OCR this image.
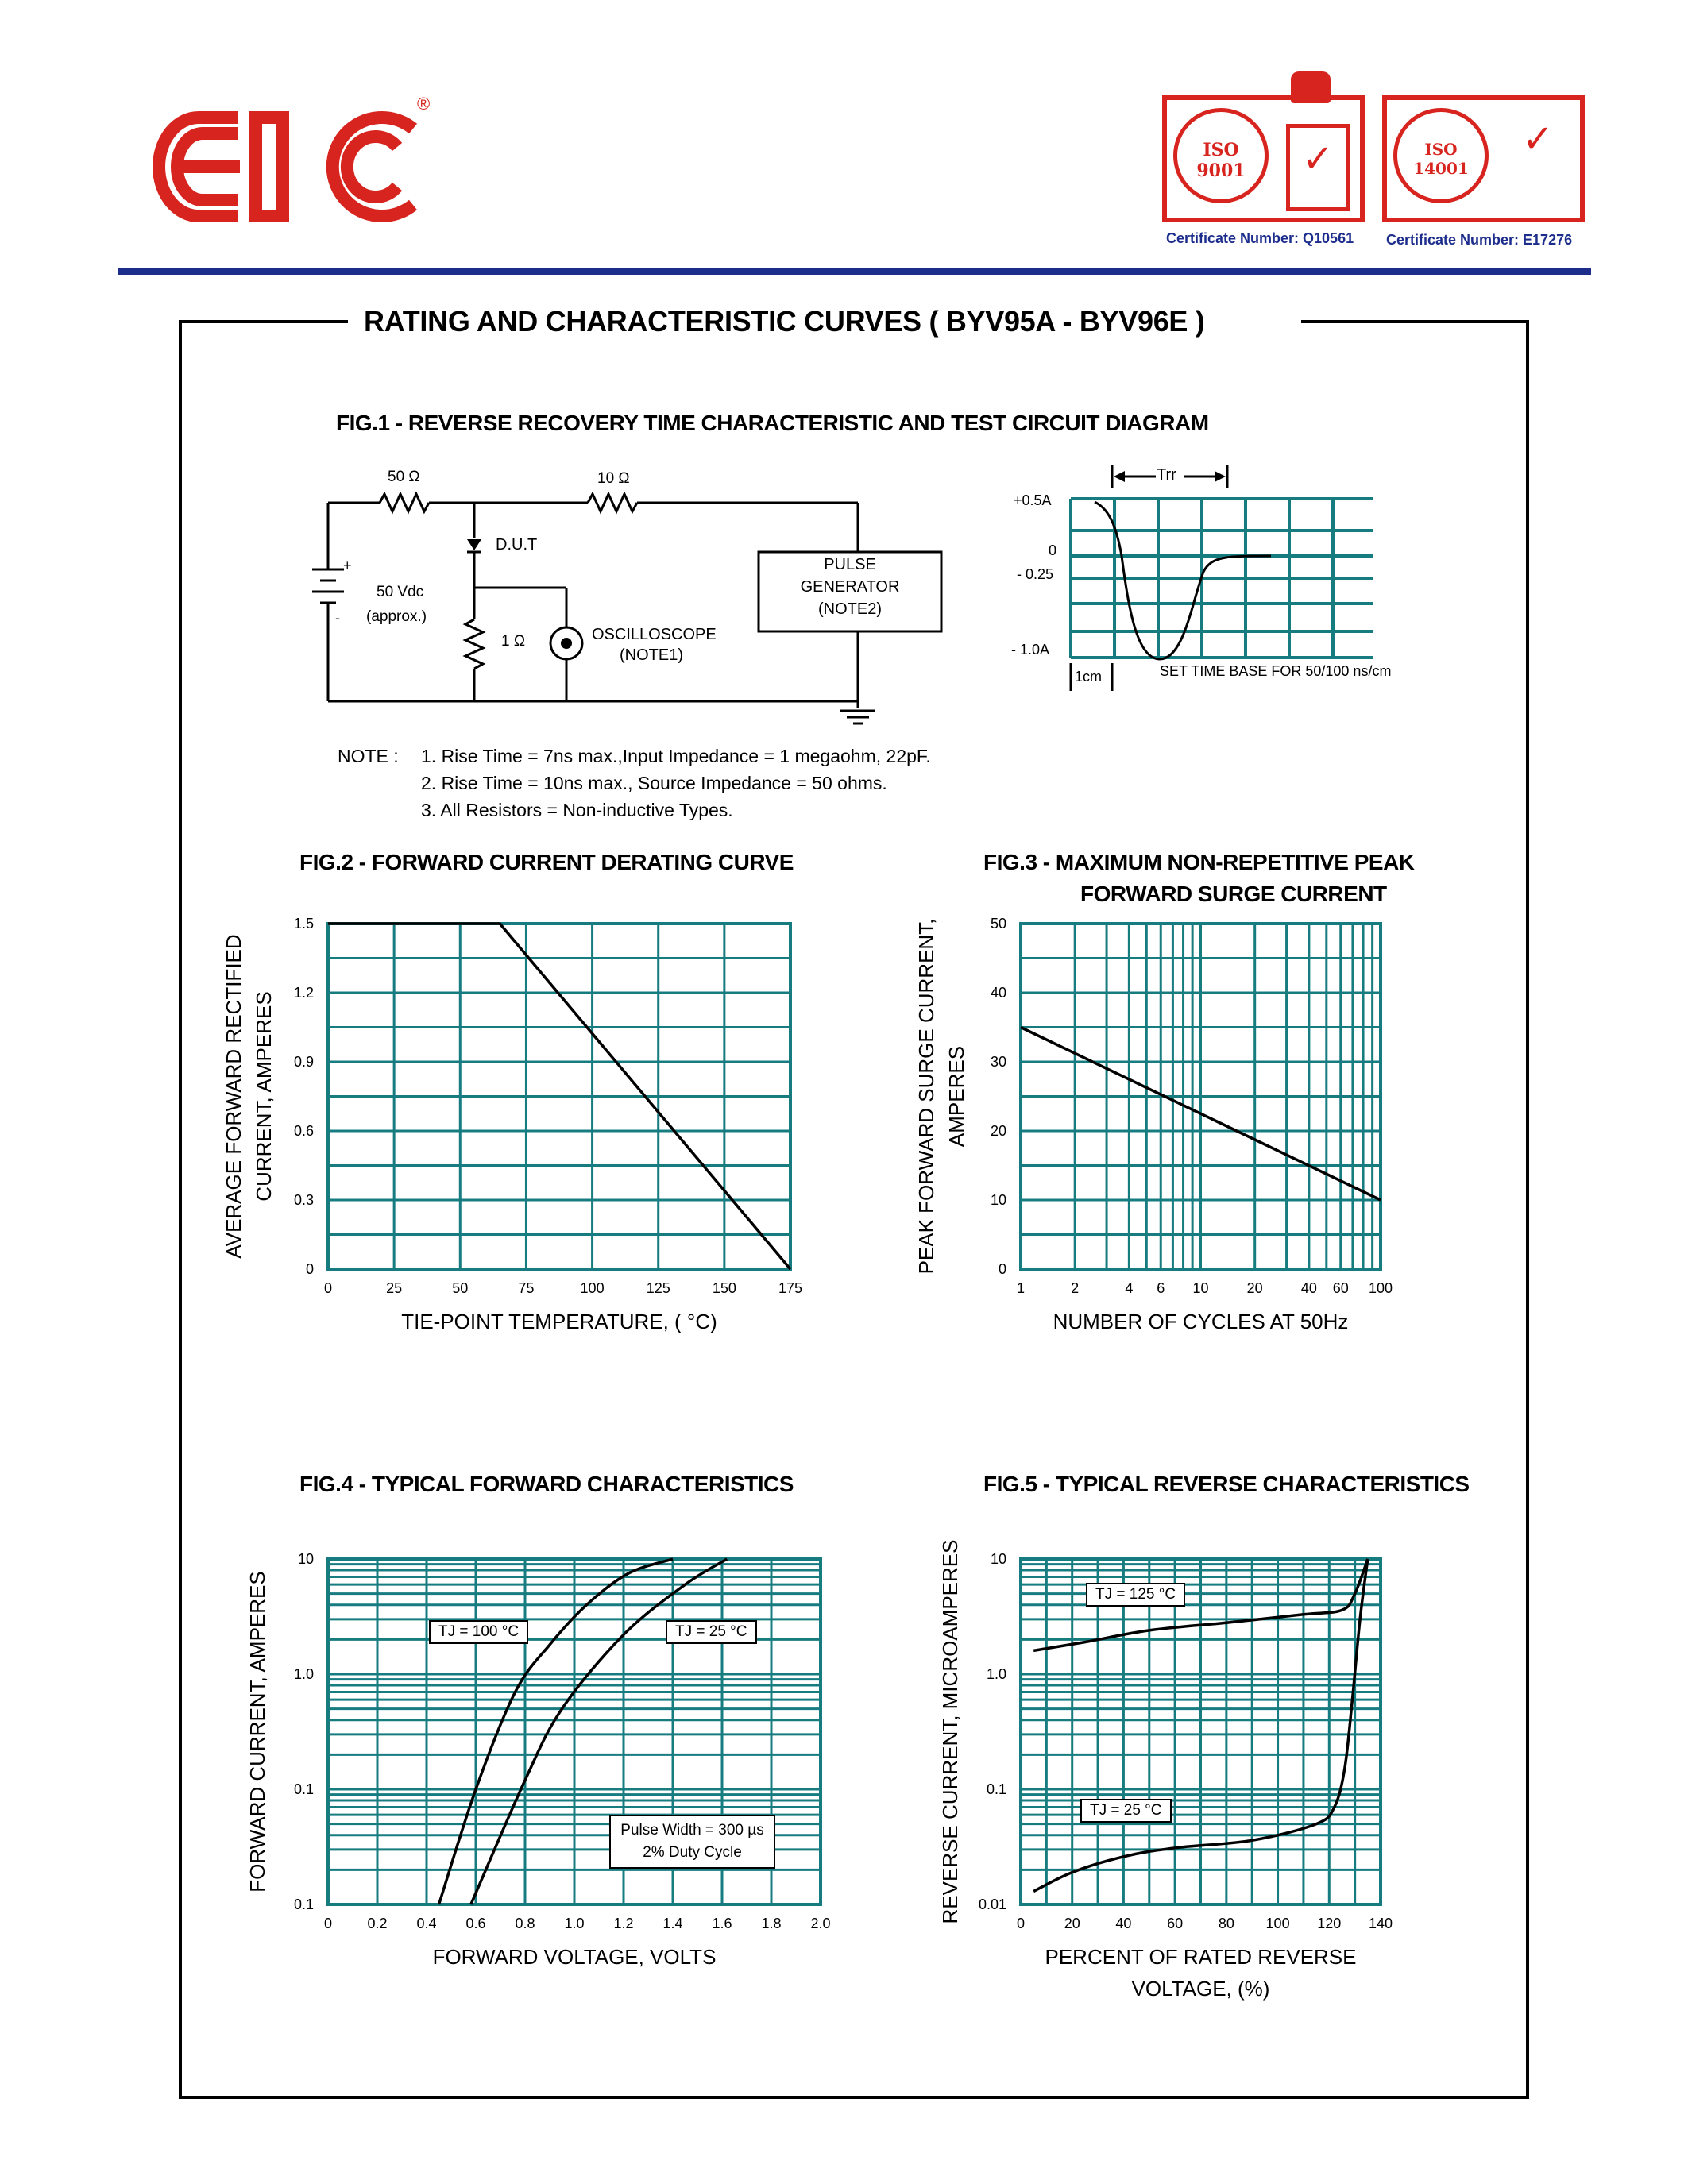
®
ISO 9001	✓	ISO 14001
✓
Certificate Number: Q10561 Certificate Number: E17276
RATING AND CHARACTERISTIC CURVES ( BYV95A - BYV96E )
FIG.1 - REVERSE RECOVERY TIME CHARACTERISTIC AND TEST CIRCUIT DIAGRAM
50 Ω	10 Ω
D.U.T
+
-
50 Vdc
(approx.)
1 Ω	OSCILLOSCOPE
(NOTE1)
PULSE
GENERATOR
(NOTE2)
Trr
+0.5A
0
- 0.25
- 1.0A
1cm	SET TIME BASE FOR 50/100 ns/cm
NOTE : 1. Rise Time = 7ns max.,Input Impedance = 1 megaohm, 22pF.
2. Rise Time = 10ns max., Source Impedance = 50 ohms.
3. All Resistors = Non-inductive Types.
FIG.2 - FORWARD CURRENT DERATING CURVE	FIG.3 - MAXIMUM NON-REPETITIVE PEAK
FORWARD SURGE CURRENT
FIG.4 - TYPICAL FORWARD CHARACTERISTICS	FIG.5 - TYPICAL REVERSE CHARACTERISTICS
0	25	50	75	100	125	150	175
0
0.3
0.6
0.9
1.2
1.5
TIE-POINT TEMPERATURE, ( °C)
AVERAGE FORWARD RECTIFIED CURRENT, AMPERES
1	2	4 6 10	20	40 60 100
0
10
20
30
40
50
NUMBER OF CYCLES AT 50Hz
PEAK FORWARD SURGE CURRENT, AMPERES
0 0.2 0.4 0.6 0.8 1.0 1.2 1.4 1.6 1.8 2.0
0.1
0.1
1.0
10
FORWARD VOLTAGE, VOLTS
FORWARD CURRENT, AMPERES
0	20 40 60 80 100 120 140
0.01
0.1
1.0
10
PERCENT OF RATED REVERSE
VOLTAGE, (%)
REVERSE CURRENT, MICROAMPERES
TJ = 100 °C	TJ = 25 °C
Pulse Width = 300 µs
2% Duty Cycle
TJ = 125 °C
TJ = 25 °C
